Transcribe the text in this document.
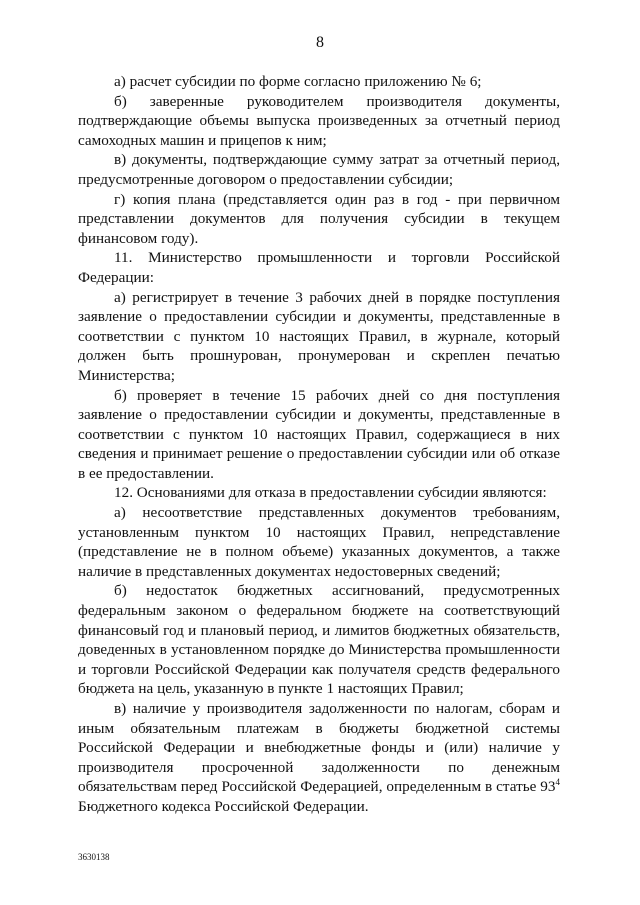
8

а) расчет субсидии по форме согласно приложению № 6;

б) заверенные руководителем производителя документы, подтверждающие объемы выпуска произведенных за отчетный период самоходных машин и прицепов к ним;

в) документы, подтверждающие сумму затрат за отчетный период, предусмотренные договором о предоставлении субсидии;

г) копия плана (представляется один раз в год - при первичном представлении документов для получения субсидии в текущем финансовом году).

11. Министерство промышленности и торговли Российской Федерации:

а) регистрирует в течение 3 рабочих дней в порядке поступления заявление о предоставлении субсидии и документы, представленные в соответствии с пунктом 10 настоящих Правил, в журнале, который должен быть прошнурован, пронумерован и скреплен печатью Министерства;

б) проверяет в течение 15 рабочих дней со дня поступления заявление о предоставлении субсидии и документы, представленные в соответствии с пунктом 10 настоящих Правил, содержащиеся в них сведения и принимает решение о предоставлении субсидии или об отказе в ее предоставлении.

12. Основаниями для отказа в предоставлении субсидии являются:

а) несоответствие представленных документов требованиям, установленным пунктом 10 настоящих Правил, непредставление (представление не в полном объеме) указанных документов, а также наличие в представленных документах недостоверных сведений;

б) недостаток бюджетных ассигнований, предусмотренных федеральным законом о федеральном бюджете на соответствующий финансовый год и плановый период, и лимитов бюджетных обязательств, доведенных в установленном порядке до Министерства промышленности и торговли Российской Федерации как получателя средств федерального бюджета на цель, указанную в пункте 1 настоящих Правил;

в) наличие у производителя задолженности по налогам, сборам и иным обязательным платежам в бюджеты бюджетной системы Российской Федерации и внебюджетные фонды и (или) наличие у производителя просроченной задолженности по денежным обязательствам перед Российской Федерацией, определенным в статье $93^4$ Бюджетного кодекса Российской Федерации.

3630138
